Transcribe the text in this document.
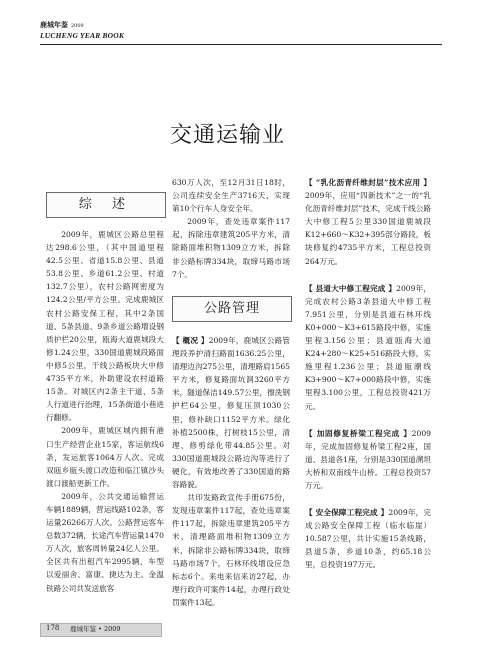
鹿城年鉴 2009
LUCHENG YEAR BOOK
交通运输业
综 述

2009年，鹿城区公路总里程达298.6公里，（其中国道里程42.5公里、省道15.8公里、县道53.8公里、乡道61.2公里、村道132.7公里），农村公路网密度为124.2公里/平方公里。完成鹿城区农村公路安保工程，其中2条国道、5条县道、9条乡道公路增设钢质护栏20公里，瓯海大道鹿城段大修1.24公里，330国道鹿城段路面中修5公里，干线公路板块大中修4735平方米，补助建设农村道路15条。对城区内2条主干道、5条人行道进行治理，15条街道小巷进行翻修。

2009年，鹿城区城内拥有港口生产经营企业15家，客运航线6条，发运旅客1064万人次。完成双瓯乡瓯头渡口改造和临江镇沙头渡口渡船更新工作。

2009年，公共交通运输营运车辆1889辆，营运线路102条，客运量26266万人次。公路营运客车总数372辆，长途汽车营运量1470万人次，旅客周转量24亿人公里。全区共有出租汽车2995辆，车型以爱丽舍、富康、捷达为主。金温铁路公司共发送旅客

630万人次，至12月31日18时，公司连续安全生产3716天，实现第10个行车人身安全年。

2009年，查处违章案件117起，拆除违章建筑205平方米，清除路面堆积物1309立方米，拆除非公路标牌334块，取缔马路市场7个。

公路管理

【 概况 】2009年，鹿城区公路管理段养护清扫路面1636.25公里，清理边沟275公里，清理路肩1565平方米，修复路面坑洞3260平方米，隧道保洁149.57公里，擦洗钢护栏64公里，修复压顶1030公里，修补缺口1152平方米。绿化补植2500株，打树枝15公里，清理、修剪绿化带44.85公里。对330国道鹿城段公路边沟等进行了硬化，有效地改善了330国道的路容路貌。

共印发路政宣传手册675份，发现违章案件117起，查处违章案件117起，拆除违章建筑205平方米，清理路面堆积物1309立方米，拆除非公路标牌334块，取缔马路市场7个，石林环线增设应急标志6个。来电来信来访27起，办理行政许可案件14起，办理行政处罚案件13起。

【 “乳化沥青纤维封层”技术应用 】2009年，应用“四新技术”之一的“乳化沥青纤维封层”技术，完成干线公路大中修工程5公里330国道鹿城段K12+660～K32+395部分路段，板块修复约4735平方米，工程总投资264万元。

【 县道大中修工程完成 】2009年，完成农村公路3条县道大中修工程7.951公里，分别是县道石林环线K0+000～K3+615路段中修，实施里程3.156公里；县道瓯海大道K24+280～K25+516路段大修，实施里程1.236公里；县道瓯潮线K3+900～K7+000路段中修，实施里程3.100公里，工程总投资421万元。

【 加固修复桥梁工程完成 】2009年，完成加固修复桥梁工程2座，国道、县道各1座，分别是330国道溯坦大桥和双南线牛山桥。工程总投资57万元。

【 安全保障工程完成 】2009年，完成公路安全保障工程（临水临崖）10.587公里，共计实施15条线路，县道5条，乡道10条，约65.18公里，总投资197万元。

178 鹿城年鉴 • 2009
